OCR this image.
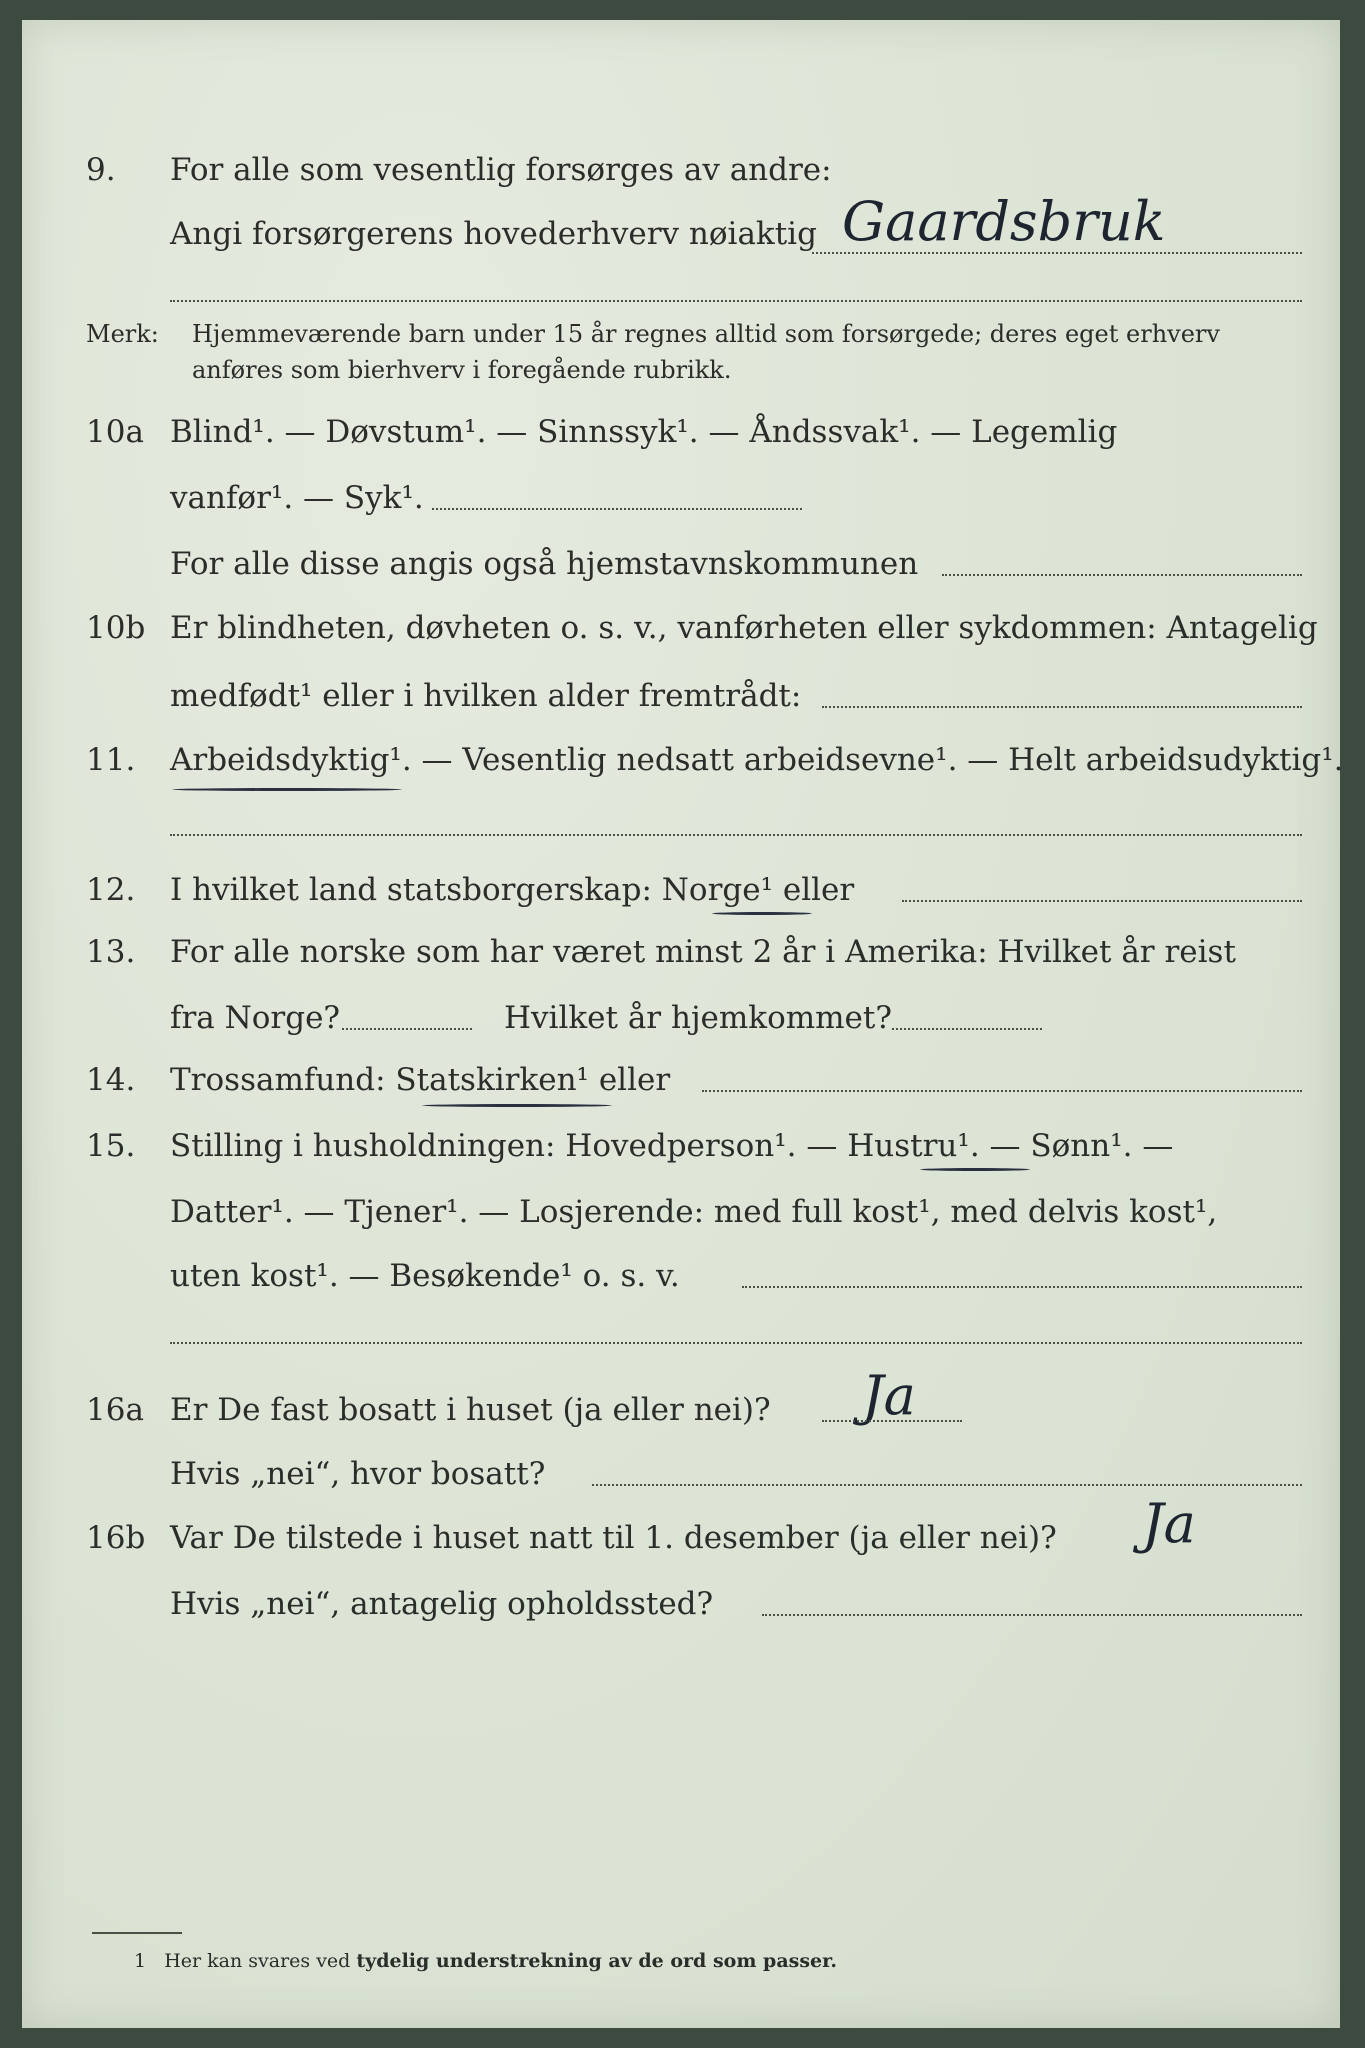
9. For alle som vesentlig forsørges av andre:
Angi forsørgerens hovederhverv nøiaktig Gaardsbruk
Merk: Hjemmeværende barn under 15 år regnes alltid som forsørgede; deres eget erhverv
anføres som bierhverv i foregående rubrikk.
10a Blind¹. — Døvstum¹. — Sinnssyk¹. — Åndssvak¹. — Legemlig
vanfør¹. — Syk¹.
For alle disse angis også hjemstavnskommunen
10b Er blindheten, døvheten o. s. v., vanførheten eller sykdommen: Antagelig
medfødt¹ eller i hvilken alder fremtrådt:
11. Arbeidsdyktig¹. — Vesentlig nedsatt arbeidsevne¹. — Helt arbeidsudyktig¹.
12. I hvilket land statsborgerskap: Norge¹ eller
13. For alle norske som har været minst 2 år i Amerika: Hvilket år reist
fra Norge?	Hvilket år hjemkommet?
14. Trossamfund: Statskirken¹ eller
15. Stilling i husholdningen: Hovedperson¹. — Hustru¹. — Sønn¹. —
Datter¹. — Tjener¹. — Losjerende: med full kost¹, med delvis kost¹,
uten kost¹. — Besøkende¹ o. s. v.
16a Er De fast bosatt i huset (ja eller nei)? Ja
Hvis „nei“, hvor bosatt?
16b Var De tilstede i huset natt til 1. desember (ja eller nei)? Ja
Hvis „nei“, antagelig opholdssted?
1 Her kan svares ved tydelig understrekning av de ord som passer.
